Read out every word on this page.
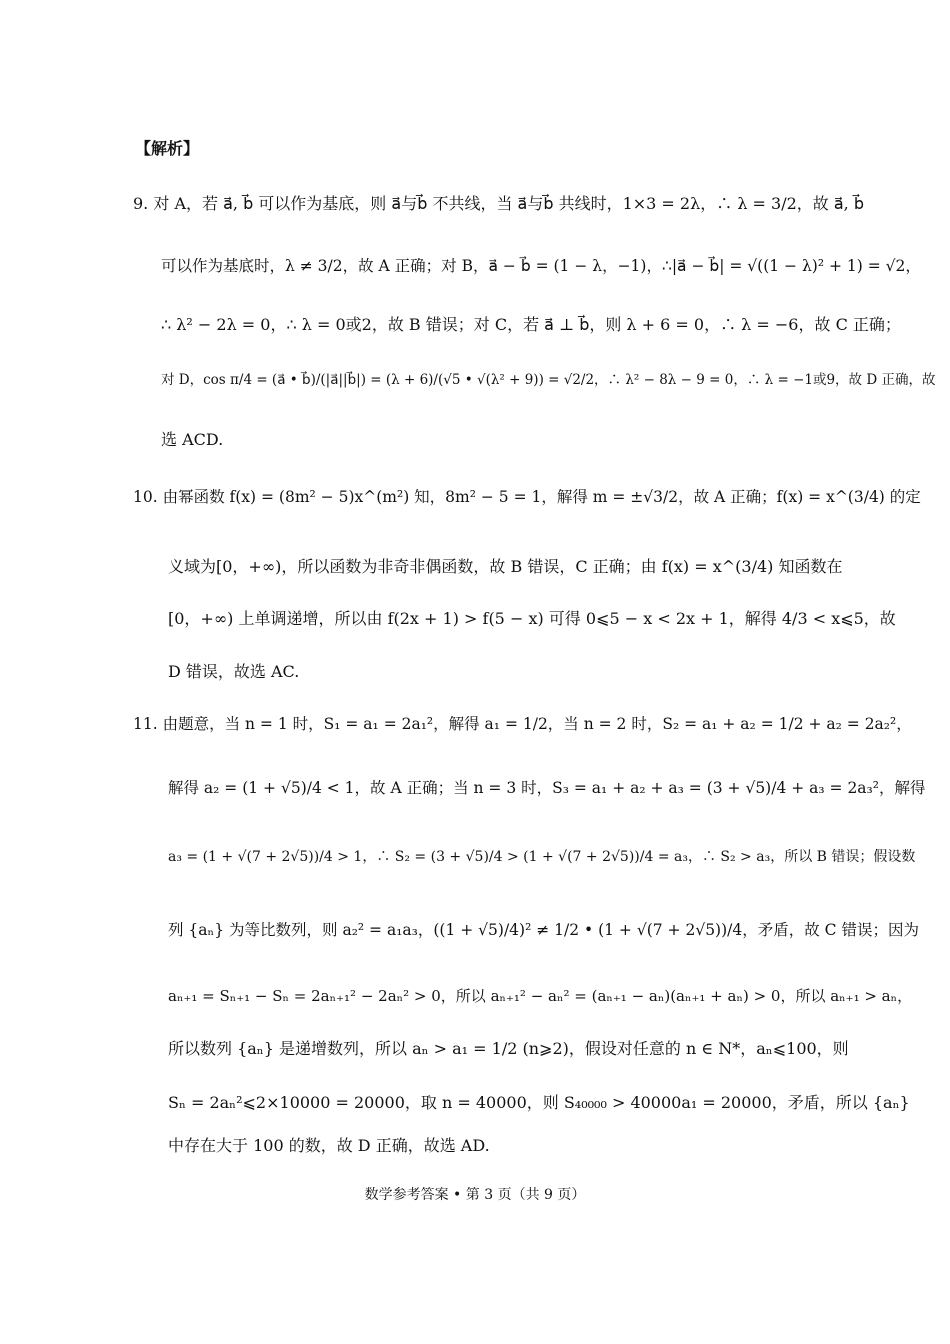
【解析】
9. 对 A，若 a⃗, b⃗ 可以作为基底，则 a⃗与b⃗ 不共线，当 a⃗与b⃗ 共线时，1×3 = 2λ，∴ λ = 3/2，故 a⃗, b⃗
可以作为基底时，λ ≠ 3/2，故 A 正确；对 B，a⃗ − b⃗ = (1 − λ，−1)，∴|a⃗ − b⃗| = √((1 − λ)² + 1) = √2，
∴ λ² − 2λ = 0，∴ λ = 0或2，故 B 错误；对 C，若 a⃗ ⊥ b⃗，则 λ + 6 = 0，∴ λ = −6，故 C 正确；
对 D，cos π/4 = (a⃗ • b⃗)/(|a⃗||b⃗|) = (λ + 6)/(√5 • √(λ² + 9)) = √2/2，∴ λ² − 8λ − 9 = 0，∴ λ = −1或9，故 D 正确，故
选 ACD.
10. 由幂函数 f(x) = (8m² − 5)x^(m²) 知，8m² − 5 = 1，解得 m = ±√3/2，故 A 正确；f(x) = x^(3/4) 的定
义域为[0，+∞)，所以函数为非奇非偶函数，故 B 错误，C 正确；由 f(x) = x^(3/4) 知函数在
[0，+∞) 上单调递增，所以由 f(2x + 1) > f(5 − x) 可得 0⩽5 − x < 2x + 1，解得 4/3 < x⩽5，故
D 错误，故选 AC.
11. 由题意，当 n = 1 时，S₁ = a₁ = 2a₁²，解得 a₁ = 1/2，当 n = 2 时，S₂ = a₁ + a₂ = 1/2 + a₂ = 2a₂²，
解得 a₂ = (1 + √5)/4 < 1，故 A 正确；当 n = 3 时，S₃ = a₁ + a₂ + a₃ = (3 + √5)/4 + a₃ = 2a₃²，解得
a₃ = (1 + √(7 + 2√5))/4 > 1，∴ S₂ = (3 + √5)/4 > (1 + √(7 + 2√5))/4 = a₃，∴ S₂ > a₃，所以 B 错误；假设数
列 {aₙ} 为等比数列，则 a₂² = a₁a₃，((1 + √5)/4)² ≠ 1/2 • (1 + √(7 + 2√5))/4，矛盾，故 C 错误；因为
aₙ₊₁ = Sₙ₊₁ − Sₙ = 2aₙ₊₁² − 2aₙ² > 0，所以 aₙ₊₁² − aₙ² = (aₙ₊₁ − aₙ)(aₙ₊₁ + aₙ) > 0，所以 aₙ₊₁ > aₙ，
所以数列 {aₙ} 是递增数列，所以 aₙ > a₁ = 1/2 (n⩾2)，假设对任意的 n ∈ N*，aₙ⩽100，则
Sₙ = 2aₙ²⩽2×10000 = 20000，取 n = 40000，则 S₄₀₀₀₀ > 40000a₁ = 20000，矛盾，所以 {aₙ}
中存在大于 100 的数，故 D 正确，故选 AD.
数学参考答案 • 第 3 页（共 9 页）
